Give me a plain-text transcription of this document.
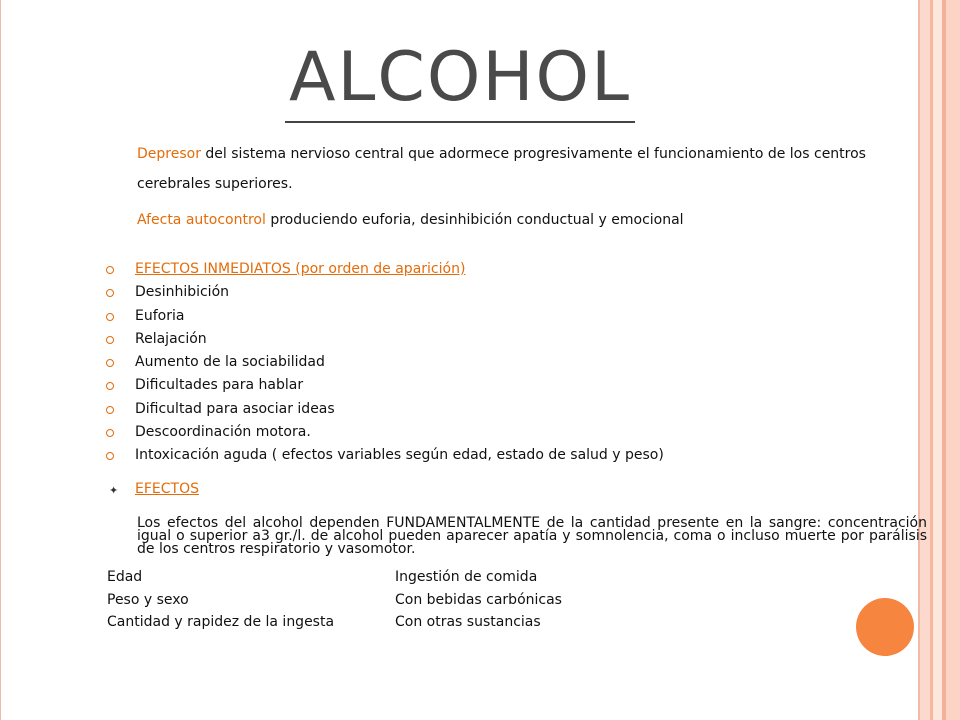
ALCOHOL
Depresor del sistema nervioso central que adormece progresivamente el funcionamiento de los centros
cerebrales superiores.
Afecta autocontrol produciendo euforia, desinhibición conductual y emocional
EFECTOS INMEDIATOS (por orden de aparición)
Desinhibición
Euforia
Relajación
Aumento de la sociabilidad
Dificultades para hablar
Dificultad para asociar ideas
Descoordinación motora.
Intoxicación aguda ( efectos variables según edad, estado de salud y peso)
✦ EFECTOS
Los efectos del alcohol dependen FUNDAMENTALMENTE de la cantidad presente en la sangre: concentración igual o superior a3 gr./l. de alcohol pueden aparecer apatía y somnolencia, coma o incluso muerte por parálisis de los centros respiratorio y vasomotor.
Edad	Ingestión de comida
Peso y sexo	Con bebidas carbónicas
Cantidad y rapidez de la ingesta	Con otras sustancias
